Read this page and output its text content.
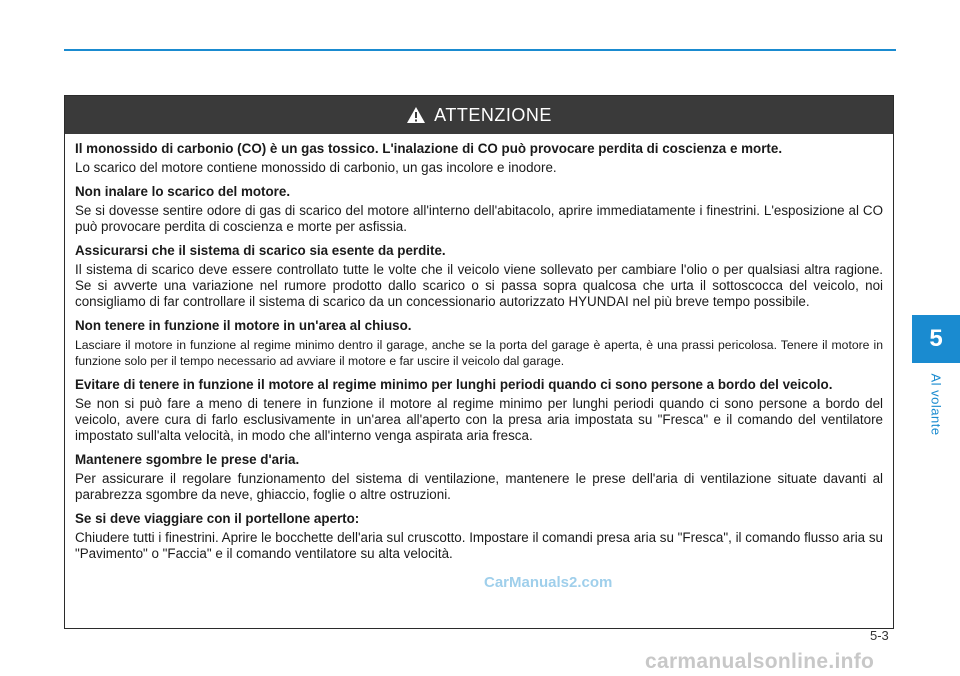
5
Al volante
ATTENZIONE

Il monossido di carbonio (CO) è un gas tossico. L'inalazione di CO può provocare perdita di coscienza e morte.

Lo scarico del motore contiene monossido di carbonio, un gas incolore e inodore.

Non inalare lo scarico del motore.

Se si dovesse sentire odore di gas di scarico del motore all'interno dell'abitacolo, aprire immediatamente i finestrini. L'esposizione al CO può provocare perdita di coscienza e morte per asfissia.

Assicurarsi che il sistema di scarico sia esente da perdite.

Il sistema di scarico deve essere controllato tutte le volte che il veicolo viene sollevato per cambiare l'olio o per qualsiasi altra ragione. Se si avverte una variazione nel rumore prodotto dallo scarico o si passa sopra qualcosa che urta il sottoscocca del veicolo, noi consigliamo di far controllare il sistema di scarico da un concessionario autorizzato HYUNDAI nel più breve tempo possibile.

Non tenere in funzione il motore in un'area al chiuso.

Lasciare il motore in funzione al regime minimo dentro il garage, anche se la porta del garage è aperta, è una prassi pericolosa. Tenere il motore in funzione solo per il tempo necessario ad avviare il motore e far uscire il veicolo dal garage.

Evitare di tenere in funzione il motore al regime minimo per lunghi periodi quando ci sono persone a bordo del veicolo.

Se non si può fare a meno di tenere in funzione il motore al regime minimo per lunghi periodi quando ci sono persone a bordo del veicolo, avere cura di farlo esclusivamente in un'area all'aperto con la presa aria impostata su "Fresca" e il comando del ventilatore impostato sull'alta velocità, in modo che all'interno venga aspirata aria fresca.

Mantenere sgombre le prese d'aria.

Per assicurare il regolare funzionamento del sistema di ventilazione, mantenere le prese dell'aria di ventilazione situate davanti al parabrezza sgombre da neve, ghiaccio, foglie o altre ostruzioni.

Se si deve viaggiare con il portellone aperto:

Chiudere tutti i finestrini. Aprire le bocchette dell'aria sul cruscotto. Impostare il comandi presa aria su "Fresca", il comando flusso aria su "Pavimento" o "Faccia" e il comando ventilatore su alta velocità.

CarManuals2.com
5-3
carmanualsonline.info
